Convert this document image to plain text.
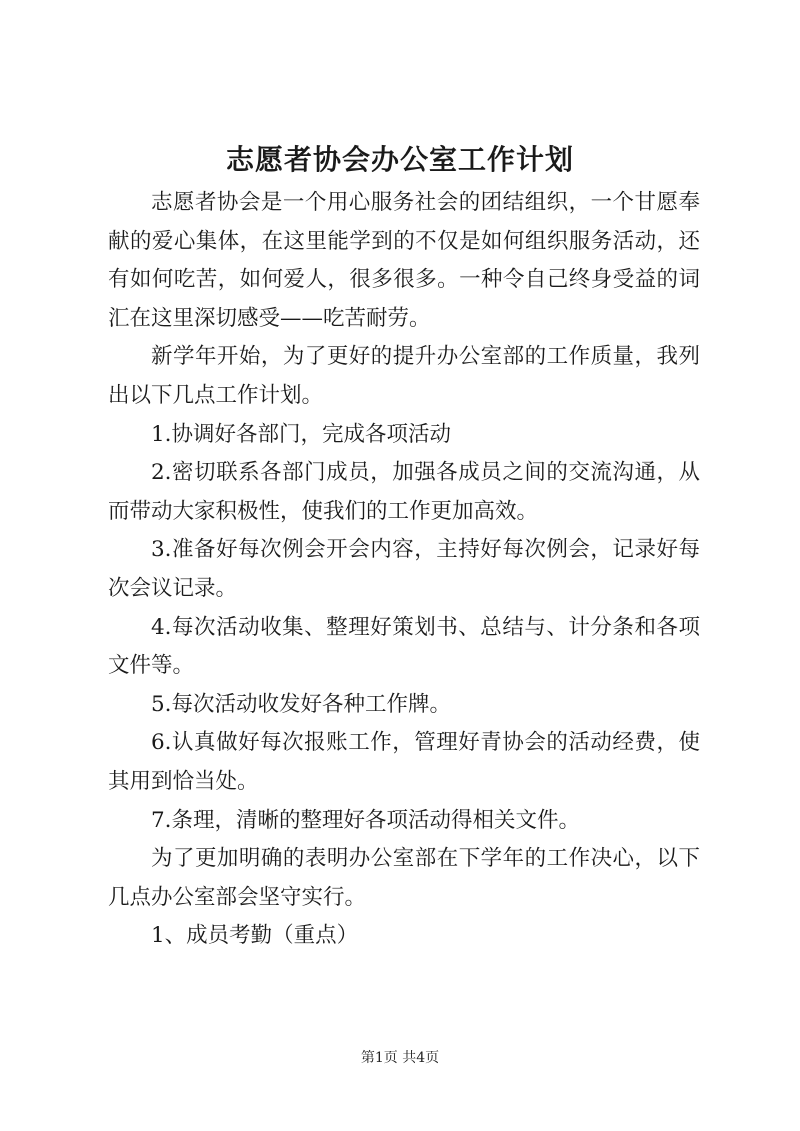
志愿者协会办公室工作计划

志愿者协会是一个用心服务社会的团结组织，一个甘愿奉献的爱心集体，在这里能学到的不仅是如何组织服务活动，还有如何吃苦，如何爱人，很多很多。一种令自己终身受益的词汇在这里深切感受——吃苦耐劳。

新学年开始，为了更好的提升办公室部的工作质量，我列出以下几点工作计划。

1.协调好各部门，完成各项活动

2.密切联系各部门成员，加强各成员之间的交流沟通，从而带动大家积极性，使我们的工作更加高效。

3.准备好每次例会开会内容，主持好每次例会，记录好每次会议记录。

4.每次活动收集、整理好策划书、总结与、计分条和各项文件等。

5.每次活动收发好各种工作牌。

6.认真做好每次报账工作，管理好青协会的活动经费，使其用到恰当处。

7.条理，清晰的整理好各项活动得相关文件。

为了更加明确的表明办公室部在下学年的工作决心，以下几点办公室部会坚守实行。

1、成员考勤（重点）

第1页 共4页
